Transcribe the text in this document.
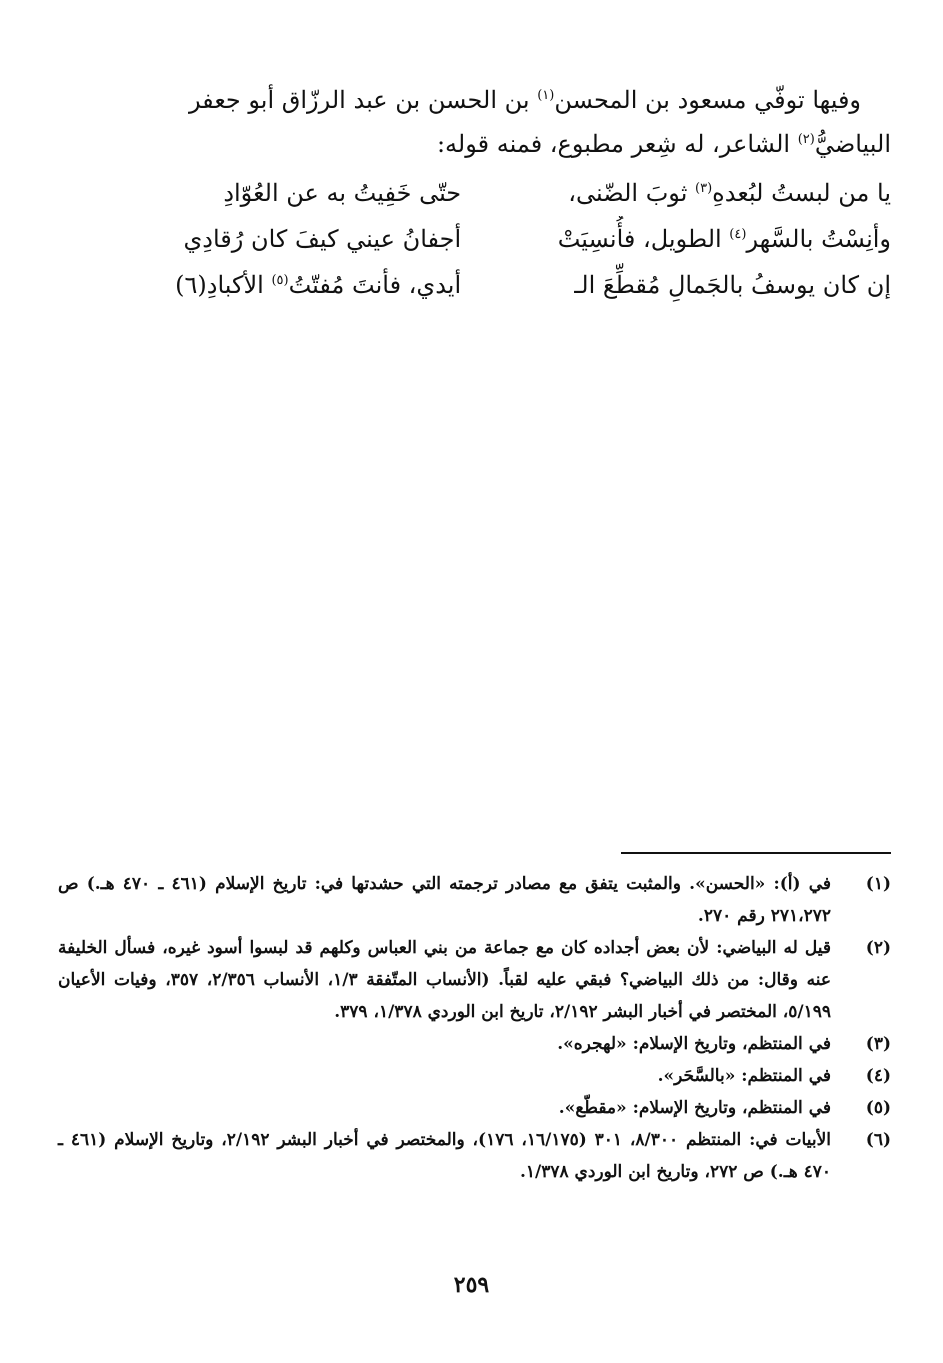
وفيها توفّي مسعود بن المحسن$^{(١)}$ بن الحسن بن عبد الرزّاق أبو جعفر

البياضيُّ$^{(٢)}$ الشاعر، له شِعر مطبوع، فمنه قوله:

يا من لبستُ لبُعدهِ$^{(٣)}$ ثوبَ الضّنى،
حتّى خَفِيتُ به عن العُوّادِ
وأنِسْتُ بالسَّهر$^{(٤)}$ الطويل، فأُنسِيَتْ
أجفانُ عيني كيفَ كان رُقادِي
إن كان يوسفُ بالجَمالِ مُقطِّعَ الـ
أيدي، فأنتَ مُفتّتُ$^{(٥)}$ الأكبادِ(٦)
(١)
في (أ): «الحسن». والمثبت يتفق مع مصادر ترجمته التي حشدتها في: تاريخ الإسلام (٤٦١ ـ ٤٧٠ هـ.) ص ٢٧١،٢٧٢ رقم ٢٧٠.
(٢)
قيل له البياضي: لأن بعض أجداده كان مع جماعة من بني العباس وكلهم قد لبسوا أسود غيره، فسأل الخليفة عنه وقال: من ذلك البياضي؟ فبقي عليه لقباً. (الأنساب المتّفقة ١/٣، الأنساب ٢/٣٥٦، ٣٥٧، وفيات الأعيان ٥/١٩٩، المختصر في أخبار البشر ٢/١٩٢، تاريخ ابن الوردي ١/٣٧٨، ٣٧٩.
(٣)
في المنتظم، وتاريخ الإسلام: «لهجره».
(٤)
في المنتظم: «بالسَّحَر».
(٥)
في المنتظم، وتاريخ الإسلام: «مقطّع».
(٦)
الأبيات في: المنتظم ٨/٣٠٠، ٣٠١ (١٦/١٧٥، ١٧٦)، والمختصر في أخبار البشر ٢/١٩٢، وتاريخ الإسلام (٤٦١ ـ ٤٧٠ هـ.) ص ٢٧٢، وتاريخ ابن الوردي ١/٣٧٨.
٢٥٩
